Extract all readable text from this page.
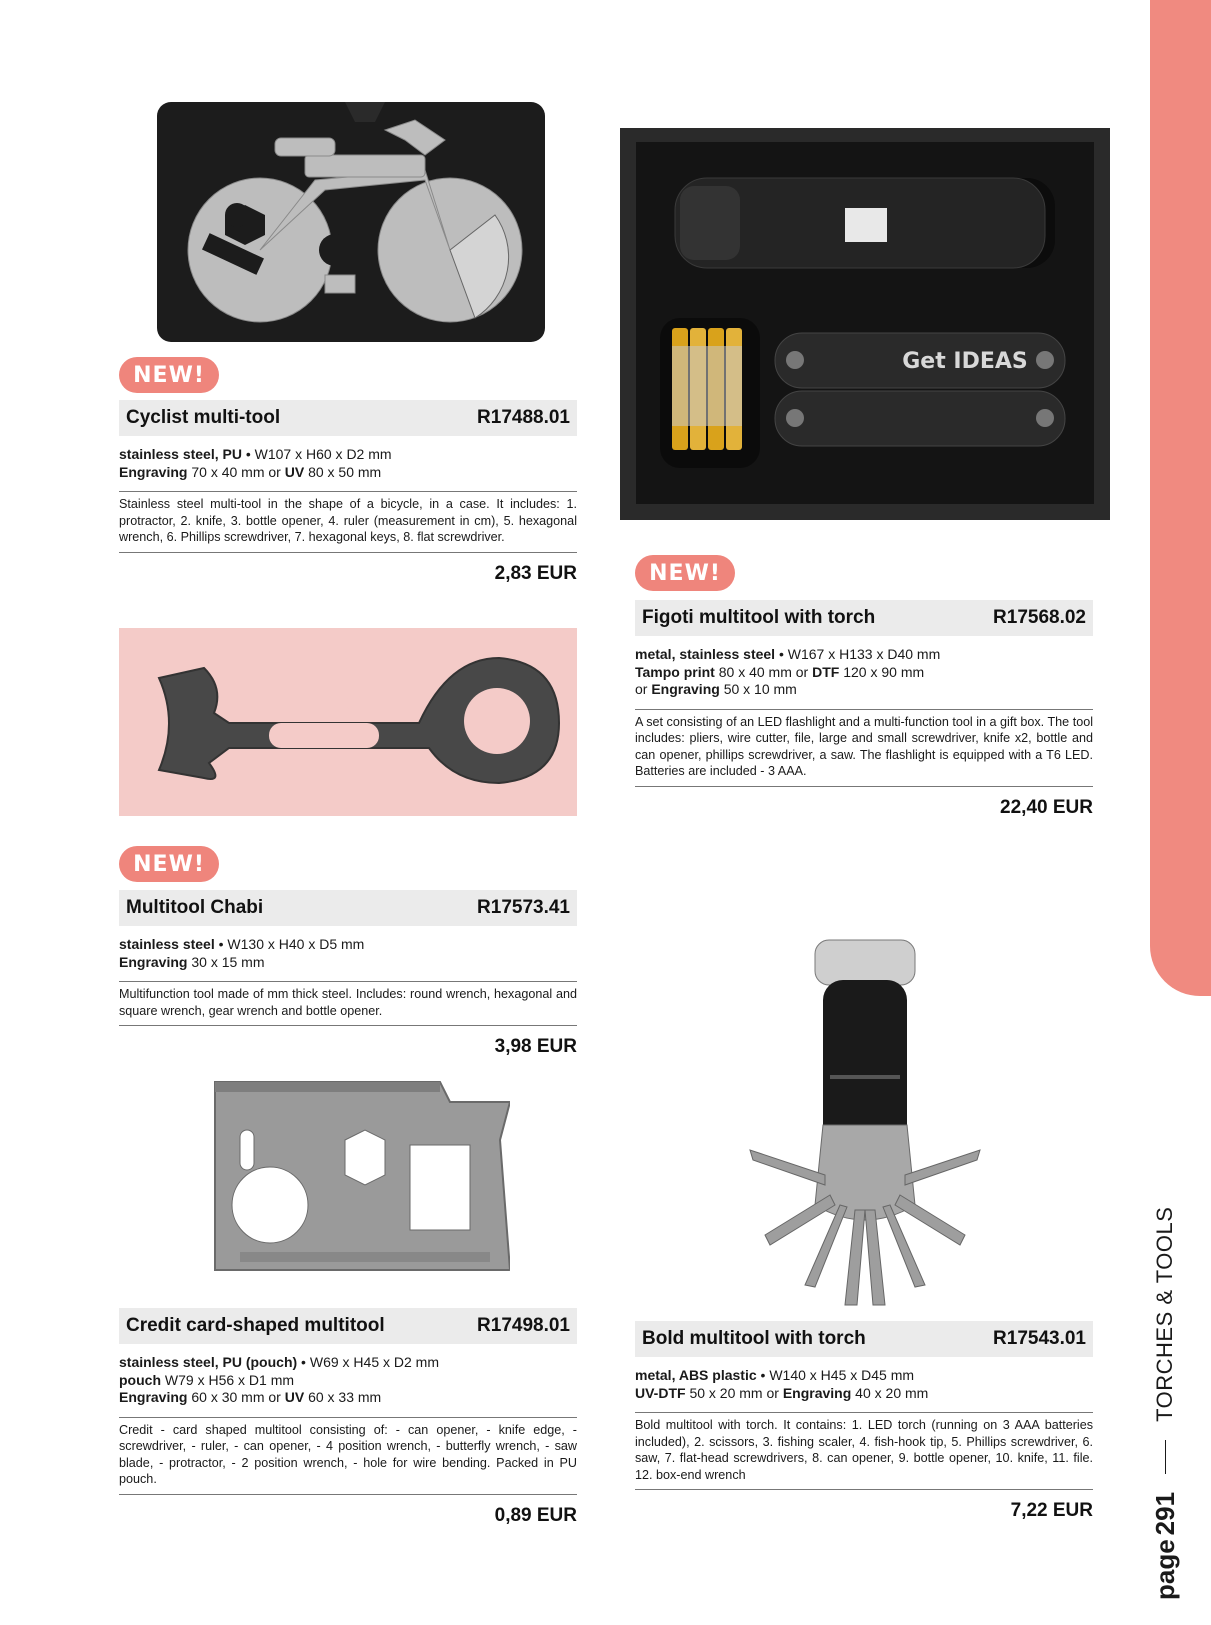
page
291
TORCHES & TOOLS
NEW!
Cyclist multi-tool	R17488.01
stainless steel, PU • W107 x H60 x D2 mm
Engraving 70 x 40 mm or UV 80 x 50 mm
Stainless steel multi-tool in the shape of a bicycle, in a case. It includes: 1. protractor, 2. knife, 3. bottle opener, 4. ruler (measurement in cm), 5. hexagonal wrench, 6. Phillips screwdriver, 7. hexagonal keys, 8. flat screwdriver.
2,83 EUR
Get IDEAS
NEW!
Figoti multitool with torch	R17568.02
metal, stainless steel • W167 x H133 x D40 mm
Tampo print 80 x 40 mm or DTF 120 x 90 mm
or Engraving 50 x 10 mm
A set consisting of an LED flashlight and a multi-function tool in a gift box. The tool includes: pliers, wire cutter, file, large and small screwdriver, knife x2, bottle and can opener, phillips screwdriver, a saw. The flashlight is equipped with a T6 LED. Batteries are included - 3 AAA.
22,40 EUR
NEW!
Multitool Chabi	R17573.41
stainless steel • W130 x H40 x D5 mm
Engraving 30 x 15 mm
Multifunction tool made of mm thick steel. Includes: round wrench, hexagonal and square wrench, gear wrench and bottle opener.
3,98 EUR
Credit card-shaped multitool	R17498.01
stainless steel, PU (pouch) • W69 x H45 x D2 mm
pouch W79 x H56 x D1 mm
Engraving 60 x 30 mm or UV 60 x 33 mm
Credit - card shaped multitool consisting of: - can opener, - knife edge, - screwdriver, - ruler, - can opener, - 4 position wrench, - butterfly wrench, - saw blade, - protractor, - 2 position wrench, - hole for wire bending. Packed in PU pouch.
0,89 EUR
Bold multitool with torch	R17543.01
metal, ABS plastic • W140 x H45 x D45 mm
UV-DTF 50 x 20 mm or Engraving 40 x 20 mm
Bold multitool with torch. It contains: 1. LED torch (running on 3 AAA batteries included), 2. scissors, 3. fishing scaler, 4. fish-hook tip, 5. Phillips screwdriver, 6. saw, 7. flat-head screwdrivers, 8. can opener, 9. bottle opener, 10. knife, 11. file. 12. box-end wrench
7,22 EUR
